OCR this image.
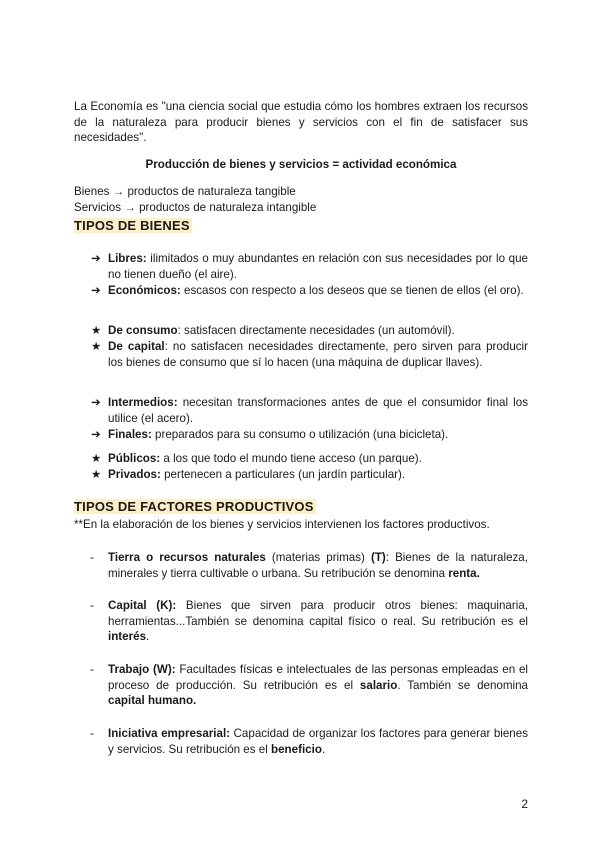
La Economía es "una ciencia social que estudia cómo los hombres extraen los recursos de la naturaleza para producir bienes y servicios con el fin de satisfacer sus necesidades".
Producción de bienes y servicios = actividad económica
Bienes → productos de naturaleza tangible
Servicios → productos de naturaleza intangible
TIPOS DE BIENES
➔ Libres: ilimitados o muy abundantes en relación con sus necesidades por lo que no tienen dueño (el aire).
➔ Económicos: escasos con respecto a los deseos que se tienen de ellos (el oro).
★ De consumo: satisfacen directamente necesidades (un automóvil).
★ De capital: no satisfacen necesidades directamente, pero sirven para producir los bienes de consumo que sí lo hacen (una máquina de duplicar llaves).
➔ Intermedios: necesitan transformaciones antes de que el consumidor final los utilice (el acero).
➔ Finales: preparados para su consumo o utilización (una bicicleta).
★ Públicos: a los que todo el mundo tiene acceso (un parque).
★ Privados: pertenecen a particulares (un jardín particular).
TIPOS DE FACTORES PRODUCTIVOS
**En la elaboración de los bienes y servicios intervienen los factores productivos.
- Tierra o recursos naturales (materias primas) (T): Bienes de la naturaleza, minerales y tierra cultivable o urbana. Su retribución se denomina renta.
- Capital (K): Bienes que sirven para producir otros bienes: maquinaria, herramientas...También se denomina capital físico o real. Su retribución es el interés.
- Trabajo (W): Facultades físicas e intelectuales de las personas empleadas en el proceso de producción. Su retribución es el salario. También se denomina capital humano.
- Iniciativa empresarial: Capacidad de organizar los factores para generar bienes y servicios. Su retribución es el beneficio.
2
